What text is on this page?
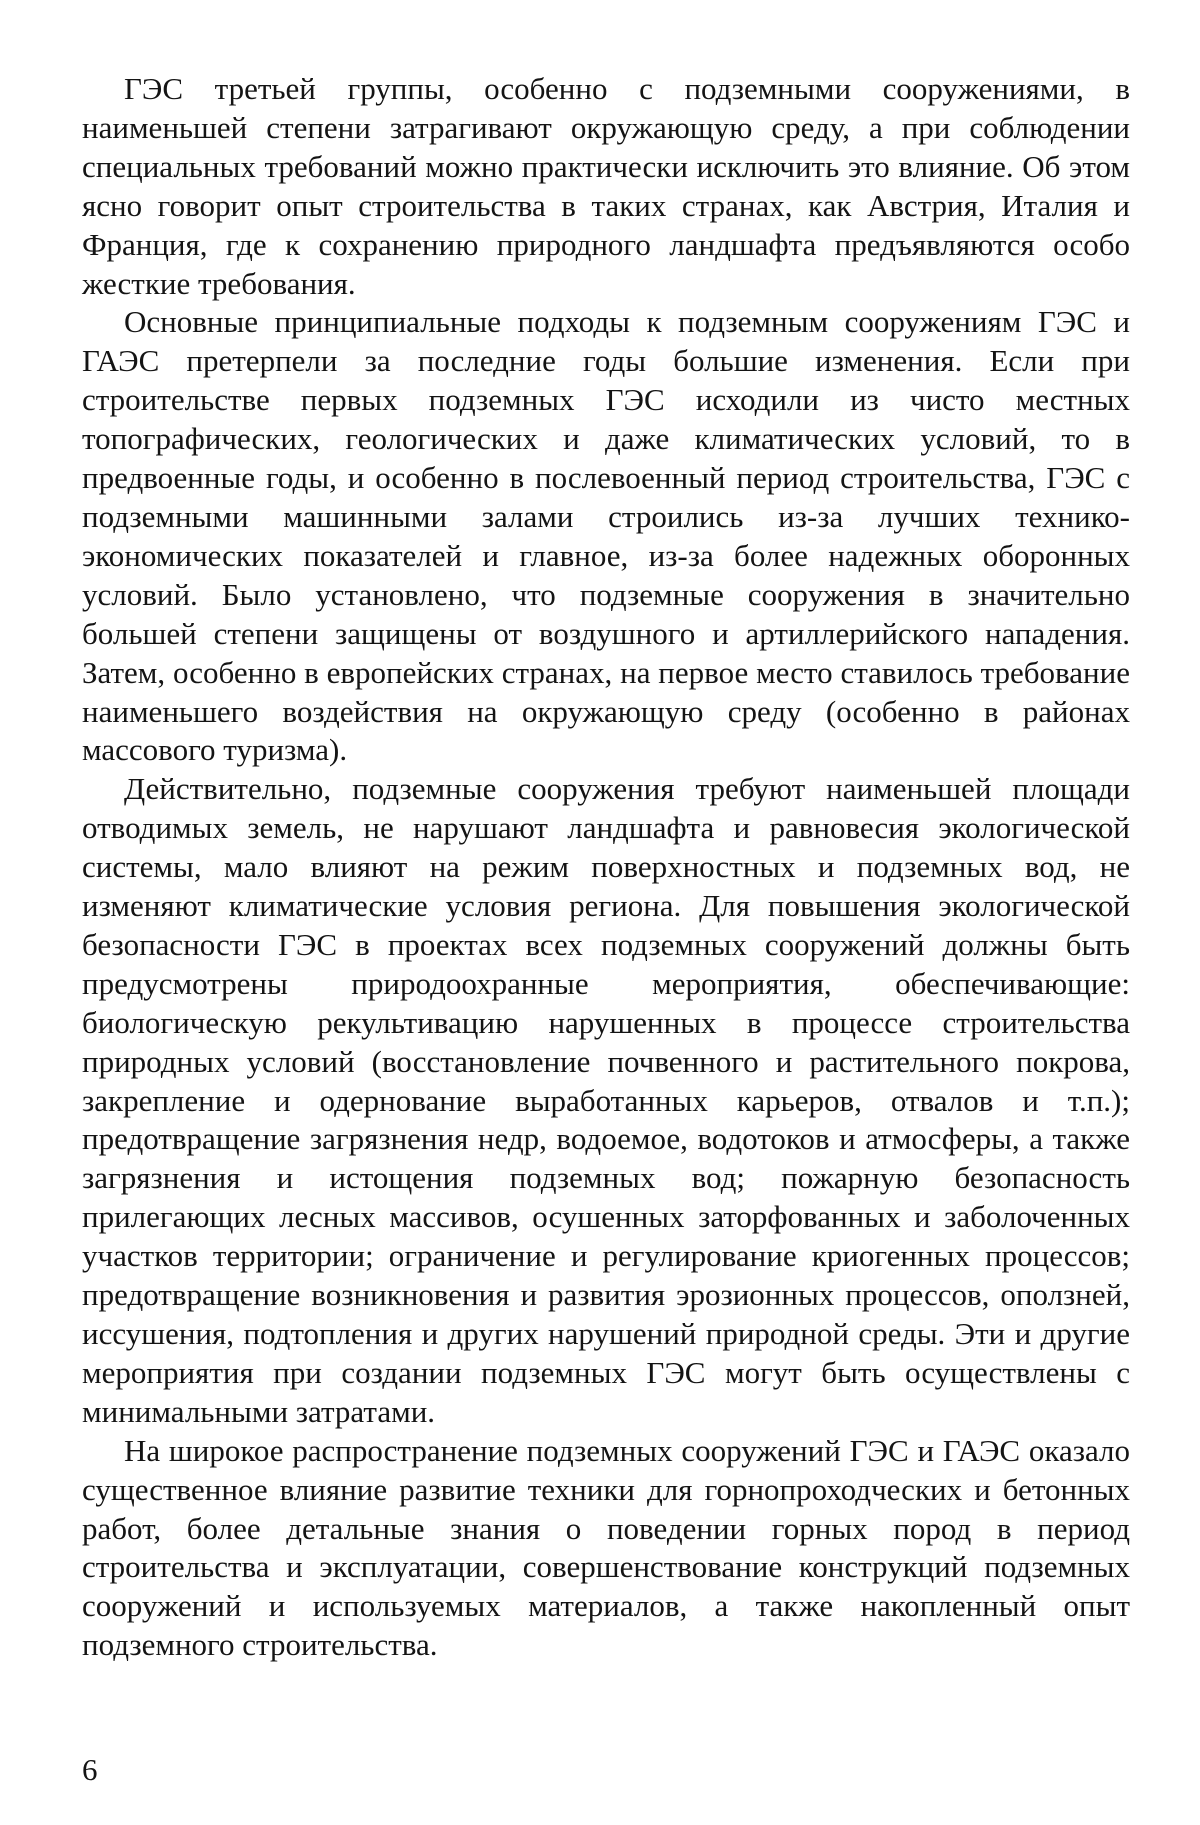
ГЭС третьей группы, особенно с подземными сооружениями, в наименьшей степени затрагивают окружающую среду, а при соблюдении специальных требований можно практически исключить это влияние. Об этом ясно говорит опыт строительства в таких странах, как Австрия, Италия и Франция, где к сохранению природного ландшафта предъявляются особо жесткие требования.

Основные принципиальные подходы к подземным сооружениям ГЭС и ГАЭС претерпели за последние годы большие изменения. Если при строительстве первых подземных ГЭС исходили из чисто местных топографических, геологических и даже климатических условий, то в предвоенные годы, и особенно в послевоенный период строительства, ГЭС с подземными машинными залами строились из-за лучших технико-экономических показателей и главное, из-за более надежных оборонных условий. Было установлено, что подземные сооружения в значительно большей степени защищены от воздушного и артиллерийского нападения. Затем, особенно в европейских странах, на первое место ставилось требование наименьшего воздействия на окружающую среду (особенно в районах массового туризма).

Действительно, подземные сооружения требуют наименьшей площади отводимых земель, не нарушают ландшафта и равновесия экологической системы, мало влияют на режим поверхностных и подземных вод, не изменяют климатические условия региона. Для повышения экологической безопасности ГЭС в проектах всех подземных сооружений должны быть предусмотрены природоохранные мероприятия, обеспечивающие: биологическую рекультивацию нарушенных в процессе строительства природных условий (восстановление почвенного и растительного покрова, закрепление и одернование выработанных карьеров, отвалов и т.п.); предотвращение загрязнения недр, водоемое, водотоков и атмосферы, а также загрязнения и истощения подземных вод; пожарную безопасность прилегающих лесных массивов, осушенных заторфованных и заболоченных участков территории; ограничение и регулирование криогенных процессов; предотвращение возникновения и развития эрозионных процессов, оползней, иссушения, подтопления и других нарушений природной среды. Эти и другие мероприятия при создании подземных ГЭС могут быть осуществлены с минимальными затратами.

На широкое распространение подземных сооружений ГЭС и ГАЭС оказало существенное влияние развитие техники для горнопроходческих и бетонных работ, более детальные знания о поведении горных пород в период строительства и эксплуатации, совершенствование конструкций подземных сооружений и используемых материалов, а также накопленный опыт подземного строительства.

6
